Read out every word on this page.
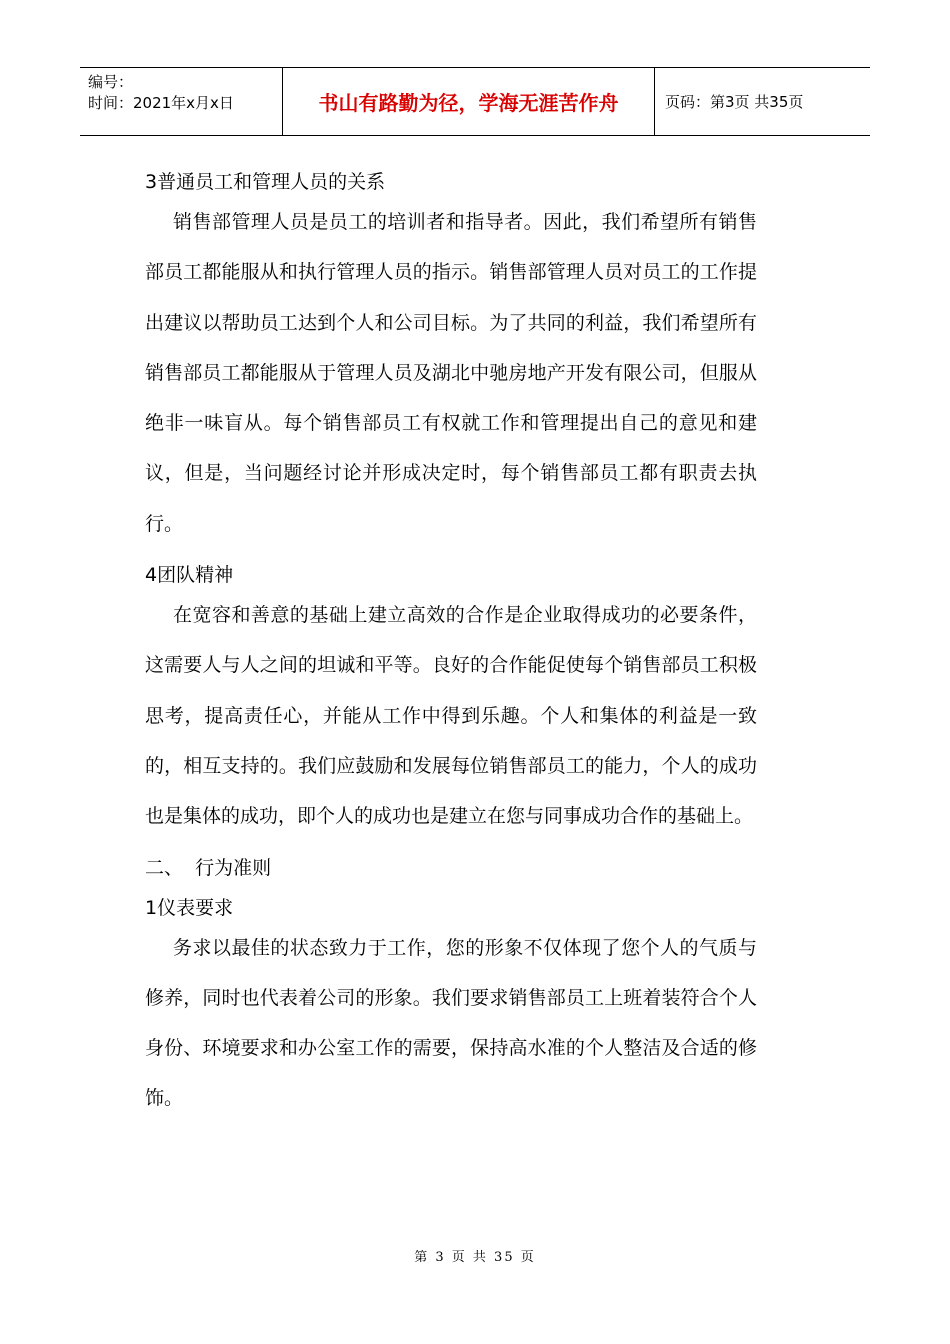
编号：
时间：2021年x月x日	书山有路勤为径，学海无涯苦作舟	页码：第3页 共35页

3普通员工和管理人员的关系

销售部管理人员是员工的培训者和指导者。因此，我们希望所有销售部员工都能服从和执行管理人员的指示。销售部管理人员对员工的工作提出建议以帮助员工达到个人和公司目标。为了共同的利益，我们希望所有销售部员工都能服从于管理人员及湖北中驰房地产开发有限公司，但服从绝非一味盲从。每个销售部员工有权就工作和管理提出自己的意见和建议，但是，当问题经讨论并形成决定时，每个销售部员工都有职责去执行。

4团队精神

在宽容和善意的基础上建立高效的合作是企业取得成功的必要条件，这需要人与人之间的坦诚和平等。良好的合作能促使每个销售部员工积极思考，提高责任心，并能从工作中得到乐趣。个人和集体的利益是一致的，相互支持的。我们应鼓励和发展每位销售部员工的能力，个人的成功也是集体的成功，即个人的成功也是建立在您与同事成功合作的基础上。

二、  行为准则

1仪表要求

务求以最佳的状态致力于工作，您的形象不仅体现了您个人的气质与修养，同时也代表着公司的形象。我们要求销售部员工上班着装符合个人身份、环境要求和办公室工作的需要，保持高水准的个人整洁及合适的修饰。

第 3 页 共 35 页
